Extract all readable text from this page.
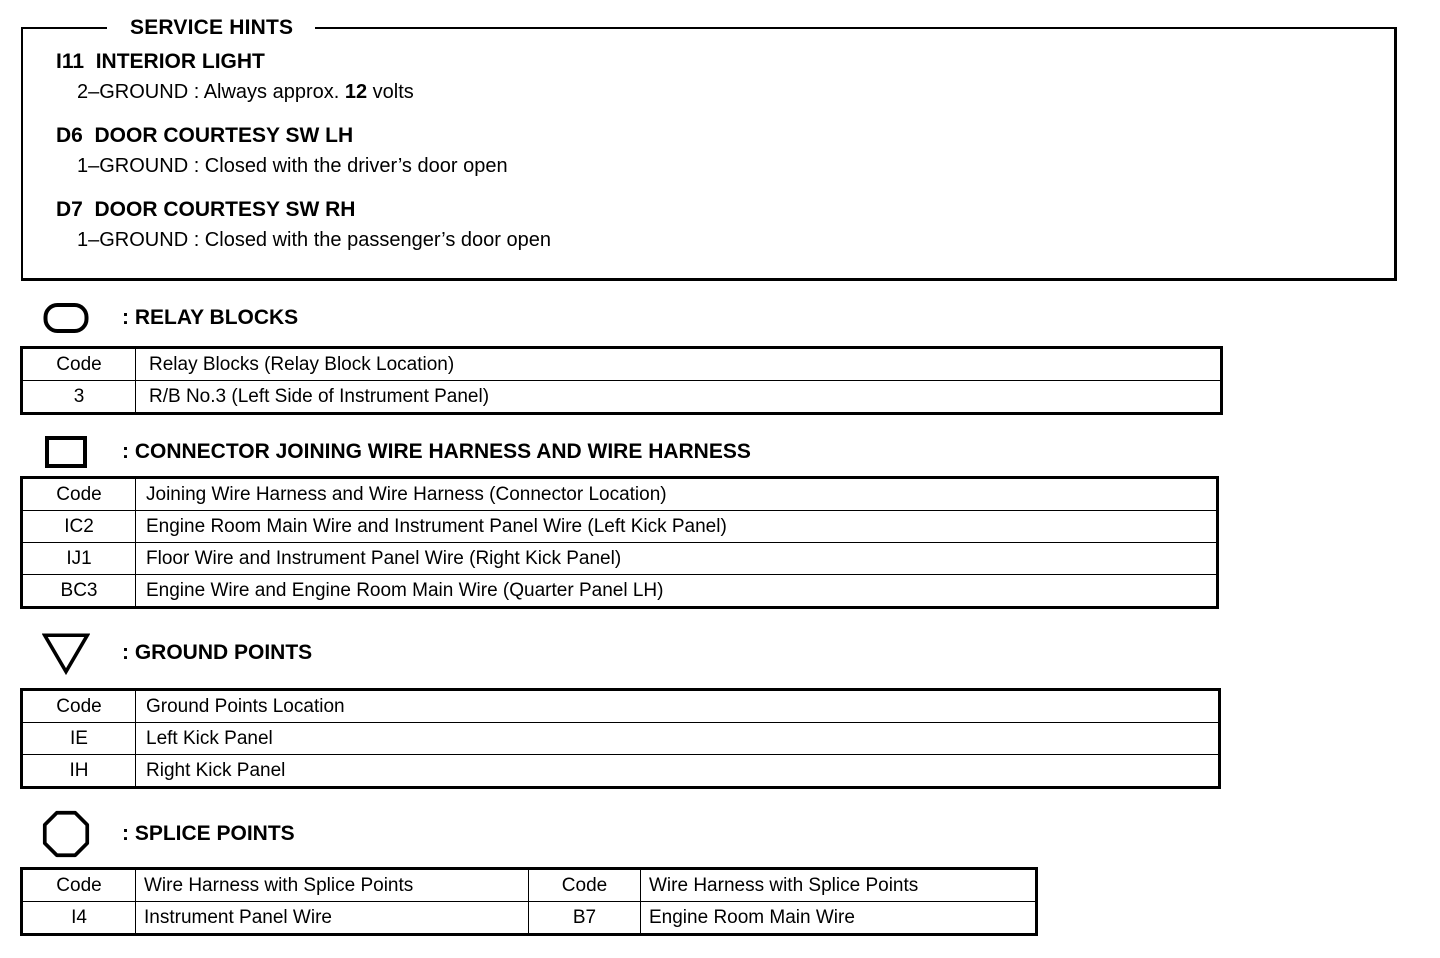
SERVICE HINTS
I11  INTERIOR LIGHT
2–GROUND : Always approx. 12 volts
D6  DOOR COURTESY SW LH
1–GROUND : Closed with the driver’s door open
D7  DOOR COURTESY SW RH
1–GROUND : Closed with the passenger’s door open
: RELAY BLOCKS
Code	Relay Blocks (Relay Block Location)
3	R/B No.3 (Left Side of Instrument Panel)
: CONNECTOR JOINING WIRE HARNESS AND WIRE HARNESS
Code	Joining Wire Harness and Wire Harness (Connector Location)
IC2	Engine Room Main Wire and Instrument Panel Wire (Left Kick Panel)
IJ1	Floor Wire and Instrument Panel Wire (Right Kick Panel)
BC3	Engine Wire and Engine Room Main Wire (Quarter Panel LH)
: GROUND POINTS
Code	Ground Points Location
IE	Left Kick Panel
IH	Right Kick Panel
: SPLICE POINTS
Code	Wire Harness with Splice Points	Code	Wire Harness with Splice Points
I4	Instrument Panel Wire	B7	Engine Room Main Wire
